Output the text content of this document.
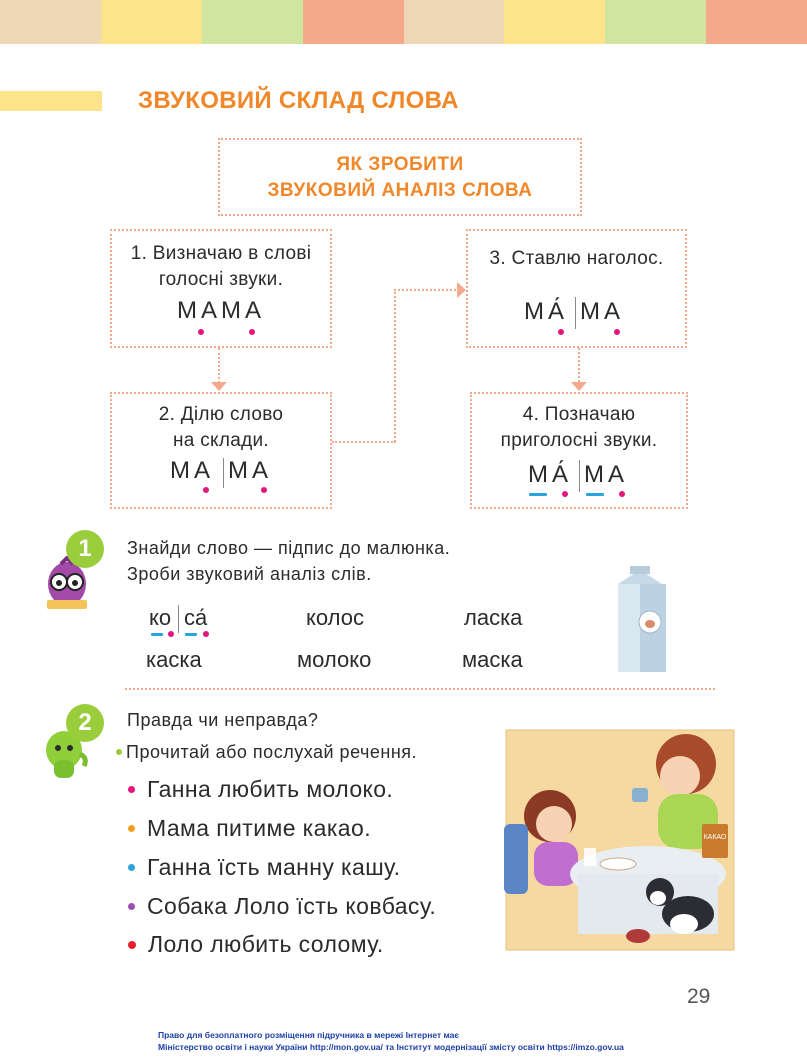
ЗВУКОВИЙ СКЛАД СЛОВА
ЯК ЗРОБИТИ
ЗВУКОВИЙ АНАЛІЗ СЛОВА
1. Визначаю в слові
голосні звуки.
МАМА
2. Ділю слово
на склади.
МА МА
3. Ставлю наголос.
МА́ МА
4. Позначаю
приголосні звуки.
МА́ МА
1	Знайди слово — підпис до малюнка.
Зроби звуковий аналіз слів.
ко са́	колос	ласка
каска	молоко	маска
2	Правда чи неправда?
Прочитай або послухай речення.
Ганна любить молоко.
Мама питиме какао.
Ганна їсть манну кашу.
Собака Лоло їсть ковбасу.
Лоло любить солому.
КАКАО
29
Право для безоплатного розміщення підручника в мережі Інтернет має
Міністерство освіти і науки України http://mon.gov.ua/ та Інститут модернізації змісту освіти https://imzo.gov.ua
